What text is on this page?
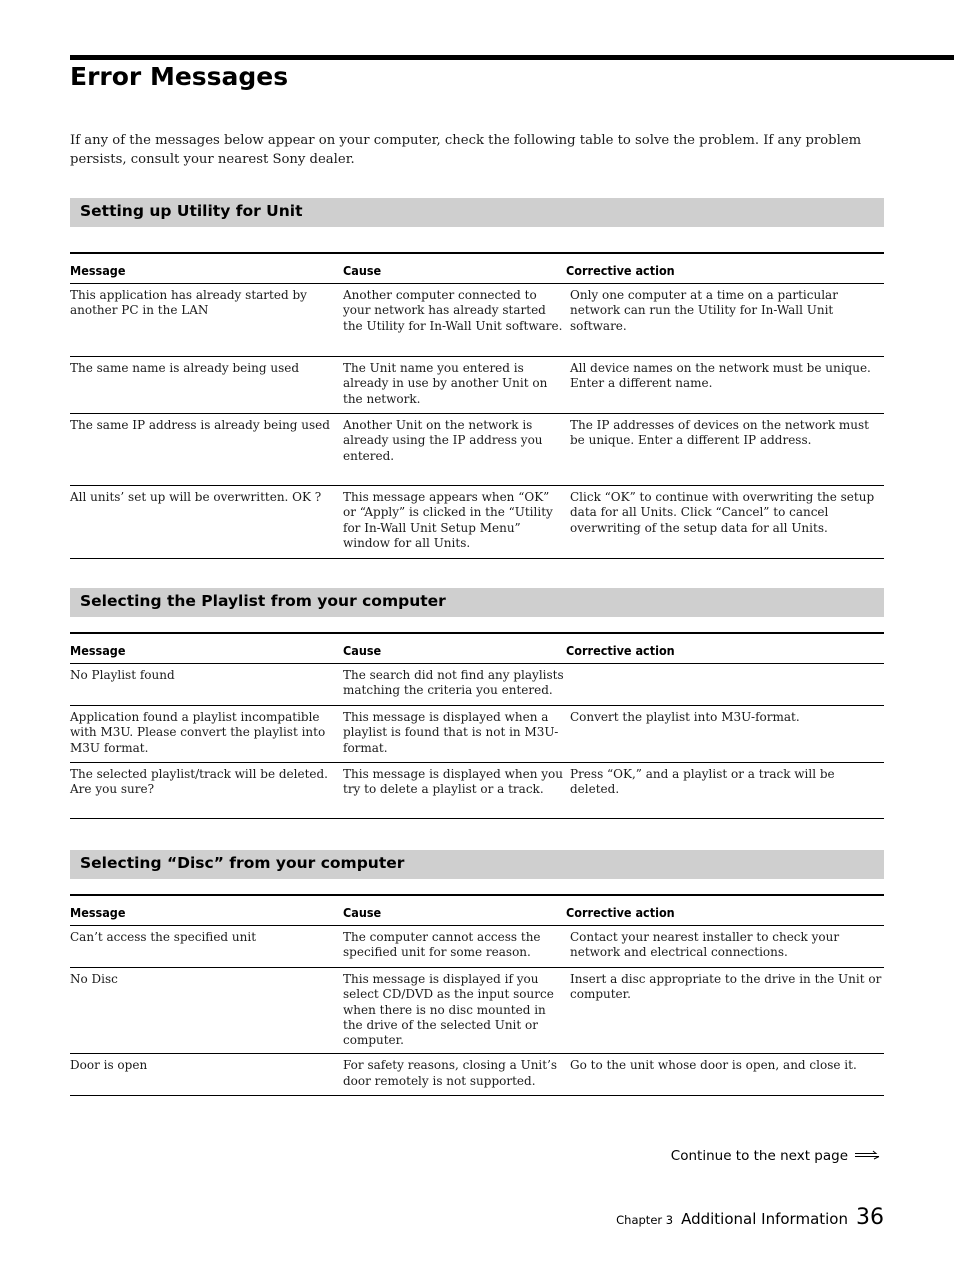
Error Messages

If any of the messages below appear on your computer, check the following table to solve the problem. If any problem persists, consult your nearest Sony dealer.

Setting up Utility for Unit
Message	Cause	Corrective action
This application has already started by another PC in the LAN	Another computer connected to your network has already started the Utility for In-Wall Unit software.	Only one computer at a time on a particular network can run the Utility for In-Wall Unit software.
The same name is already being used	The Unit name you entered is already in use by another Unit on the network.	All device names on the network must be unique. Enter a different name.
The same IP address is already being used	Another Unit on the network is already using the IP address you entered.	The IP addresses of devices on the network must be unique. Enter a different IP address.
All units’ set up will be overwritten. OK ?	This message appears when “OK” or “Apply” is clicked in the “Utility for In-Wall Unit Setup Menu” window for all Units.	Click “OK” to continue with overwriting the setup data for all Units. Click “Cancel” to cancel overwriting of the setup data for all Units.
Selecting the Playlist from your computer
Message	Cause	Corrective action
No Playlist found	The search did not find any playlists matching the criteria you entered.	
Application found a playlist incompatible with M3U. Please convert the playlist into M3U format.	This message is displayed when a playlist is found that is not in M3U-format.	Convert the playlist into M3U-format.
The selected playlist/track will be deleted. Are you sure?	This message is displayed when you try to delete a playlist or a track.	Press “OK,” and a playlist or a track will be deleted.
Selecting “Disc” from your computer
Message	Cause	Corrective action
Can’t access the specified unit	The computer cannot access the specified unit for some reason.	Contact your nearest installer to check your network and electrical connections.
No Disc	This message is displayed if you select CD/DVD as the input source when there is no disc mounted in the drive of the selected Unit or computer.	Insert a disc appropriate to the drive in the Unit or computer.
Door is open	For safety reasons, closing a Unit’s door remotely is not supported.	Go to the unit whose door is open, and close it.
Continue to the next page
Chapter 3 Additional Information 36
